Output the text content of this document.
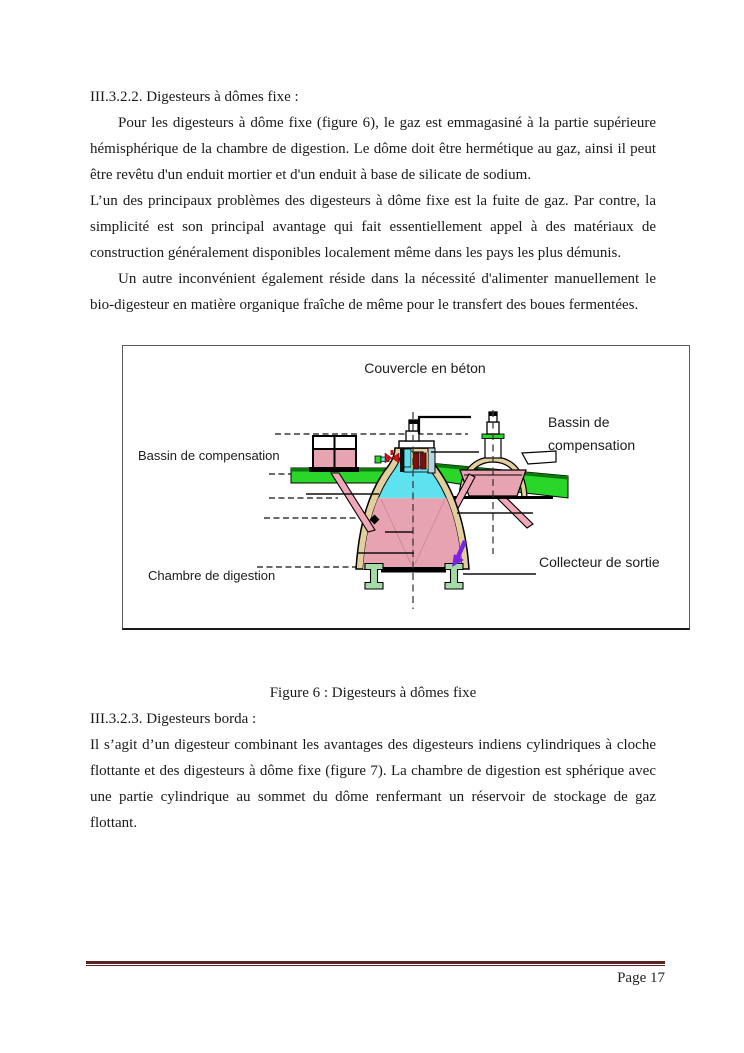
III.3.2.2. Digesteurs à dômes fixe :

Pour les digesteurs à dôme fixe (figure 6), le gaz est emmagasiné à la partie supérieure hémisphérique de la chambre de digestion. Le dôme doit être hermétique au gaz, ainsi il peut être revêtu d'un enduit mortier et d'un enduit à base de silicate de sodium.

L’un des principaux problèmes des digesteurs à dôme fixe est la fuite de gaz. Par contre, la simplicité est son principal avantage qui fait essentiellement appel à des matériaux de construction généralement disponibles localement même dans les pays les plus démunis.

Un autre inconvénient également réside dans la nécessité d'alimenter manuellement le bio-digesteur en matière organique fraîche de même pour le transfert des boues fermentées.

Couvercle en béton
Bassin de compensation
Bassin de
compensation
Chambre de digestion
Collecteur de sortie

Figure 6 : Digesteurs à dômes fixe

III.3.2.3. Digesteurs borda :

Il s’agit d’un digesteur combinant les avantages des digesteurs indiens cylindriques à cloche flottante et des digesteurs à dôme fixe (figure 7). La chambre de digestion est sphérique avec une partie cylindrique au sommet du dôme renfermant un réservoir de stockage de gaz flottant.

Page 17
